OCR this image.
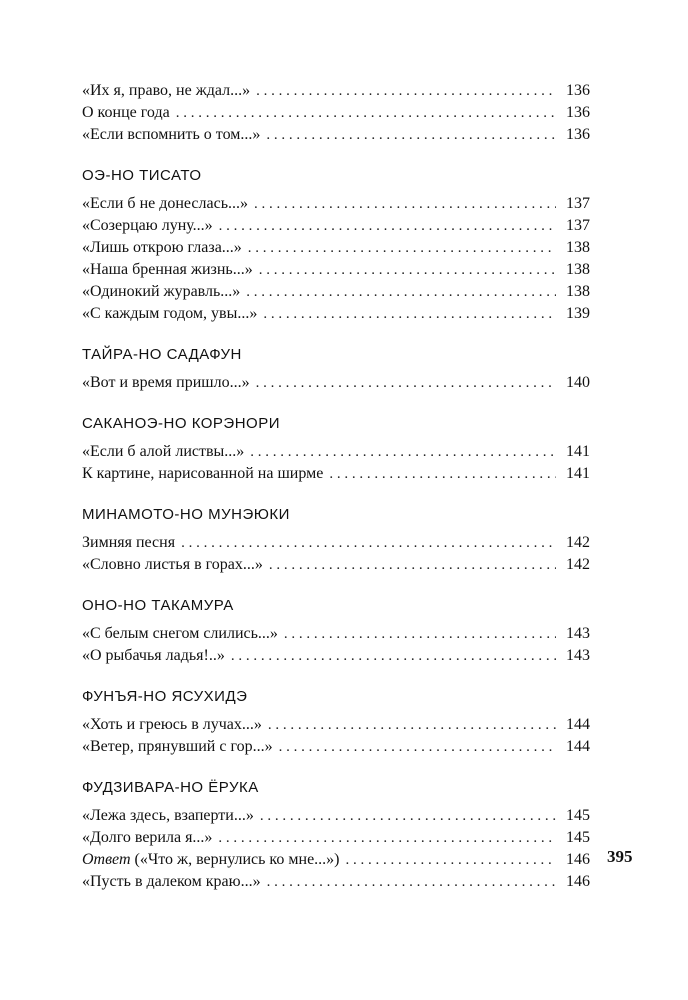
«Их я, право, не ждал...» . . .	136
О конце года . . .	136
«Если вспомнить о том...» . . .	136
ОЭ-НО ТИСАТО
«Если б не донеслась...» . . .	137
«Созерцаю луну...» . . .	137
«Лишь открою глаза...» . . .	138
«Наша бренная жизнь...» . . .	138
«Одинокий журавль...» . . .	138
«С каждым годом, увы...» . . .	139
ТАЙРА-НО САДАФУН
«Вот и время пришло...» . . .	140
САКАНОЭ-НО КОРЭНОРИ
«Если б алой листвы...» . . .	141
К картине, нарисованной на ширме . . .	141
МИНАМОТО-НО МУНЭЮКИ
Зимняя песня . . .	142
«Словно листья в горах...» . . .	142
ОНО-НО ТАКАМУРА
«С белым снегом слились...» . . .	143
«О рыбачья ладья!..» . . .	143
ФУНЪЯ-НО ЯСУХИДЭ
«Хоть и греюсь в лучах...» . . .	144
«Ветер, прянувший с гор...» . . .	144
ФУДЗИВАРА-НО ЁРУКА
«Лежа здесь, взаперти...» . . .	145
«Долго верила я...» . . .	145
Ответ («Что ж, вернулись ко мне...») . . .	146
«Пусть в далеком краю...» . . .	146
395
